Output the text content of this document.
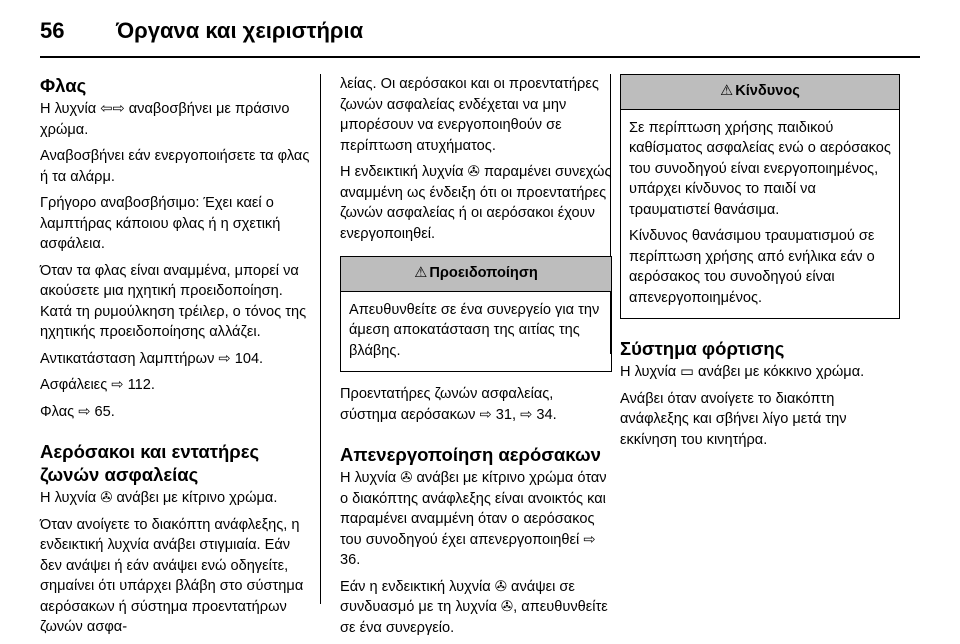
56 Όργανα και χειριστήρια
Φλας

Η λυχνία ⇦⇨ αναβοσβήνει με πράσινο χρώμα.

Αναβοσβήνει εάν ενεργοποιήσετε τα φλας ή τα αλάρμ.

Γρήγορο αναβοσβήσιμο: Έχει καεί ο λαμπτήρας κάποιου φλας ή η σχετική ασφάλεια.

Όταν τα φλας είναι αναμμένα, μπορεί να ακούσετε μια ηχητική προειδοποίηση. Κατά τη ρυμούλκηση τρέιλερ, ο τόνος της ηχητικής προειδοποίησης αλλάζει.

Αντικατάσταση λαμπτήρων ⇨ 104.

Ασφάλειες ⇨ 112.

Φλας ⇨ 65.

Αερόσακοι και εντατήρες ζωνών ασφαλείας

Η λυχνία ✇ ανάβει με κίτρινο χρώμα.

Όταν ανοίγετε το διακόπτη ανάφλεξης, η ενδεικτική λυχνία ανάβει στιγμιαία. Εάν δεν ανάψει ή εάν ανάψει ενώ οδηγείτε, σημαίνει ότι υπάρχει βλάβη στο σύστημα αερόσακων ή σύστημα προεντατήρων ζωνών ασφα-

λείας. Οι αερόσακοι και οι προεντατήρες ζωνών ασφαλείας ενδέχεται να μην μπορέσουν να ενεργοποιηθούν σε περίπτωση ατυχήματος.

Η ενδεικτική λυχνία ✇ παραμένει συνεχώς αναμμένη ως ένδειξη ότι οι προεντατήρες ζωνών ασφαλείας ή οι αερόσακοι έχουν ενεργοποιηθεί.

⚠ Προειδοποίηση

Απευθυνθείτε σε ένα συνεργείο για την άμεση αποκατάσταση της αιτίας της βλάβης.

Προεντατήρες ζωνών ασφαλείας, σύστημα αερόσακων ⇨ 31, ⇨ 34.

Απενεργοποίηση αερόσακων

Η λυχνία ✇ ανάβει με κίτρινο χρώμα όταν ο διακόπτης ανάφλεξης είναι ανοικτός και παραμένει αναμμένη όταν ο αερόσακος του συνοδηγού έχει απενεργοποιηθεί ⇨ 36.

Εάν η ενδεικτική λυχνία ✇ ανάψει σε συνδυασμό με τη λυχνία ✇, απευθυνθείτε σε ένα συνεργείο.

⚠ Κίνδυνος

Σε περίπτωση χρήσης παιδικού καθίσματος ασφαλείας ενώ ο αερόσακος του συνοδηγού είναι ενεργοποιημένος, υπάρχει κίνδυνος το παιδί να τραυματιστεί θανάσιμα.

Κίνδυνος θανάσιμου τραυματισμού σε περίπτωση χρήσης από ενήλικα εάν ο αερόσακος του συνοδηγού είναι απενεργοποιημένος.

Σύστημα φόρτισης

Η λυχνία ▭ ανάβει με κόκκινο χρώμα.

Ανάβει όταν ανοίγετε το διακόπτη ανάφλεξης και σβήνει λίγο μετά την εκκίνηση του κινητήρα.
